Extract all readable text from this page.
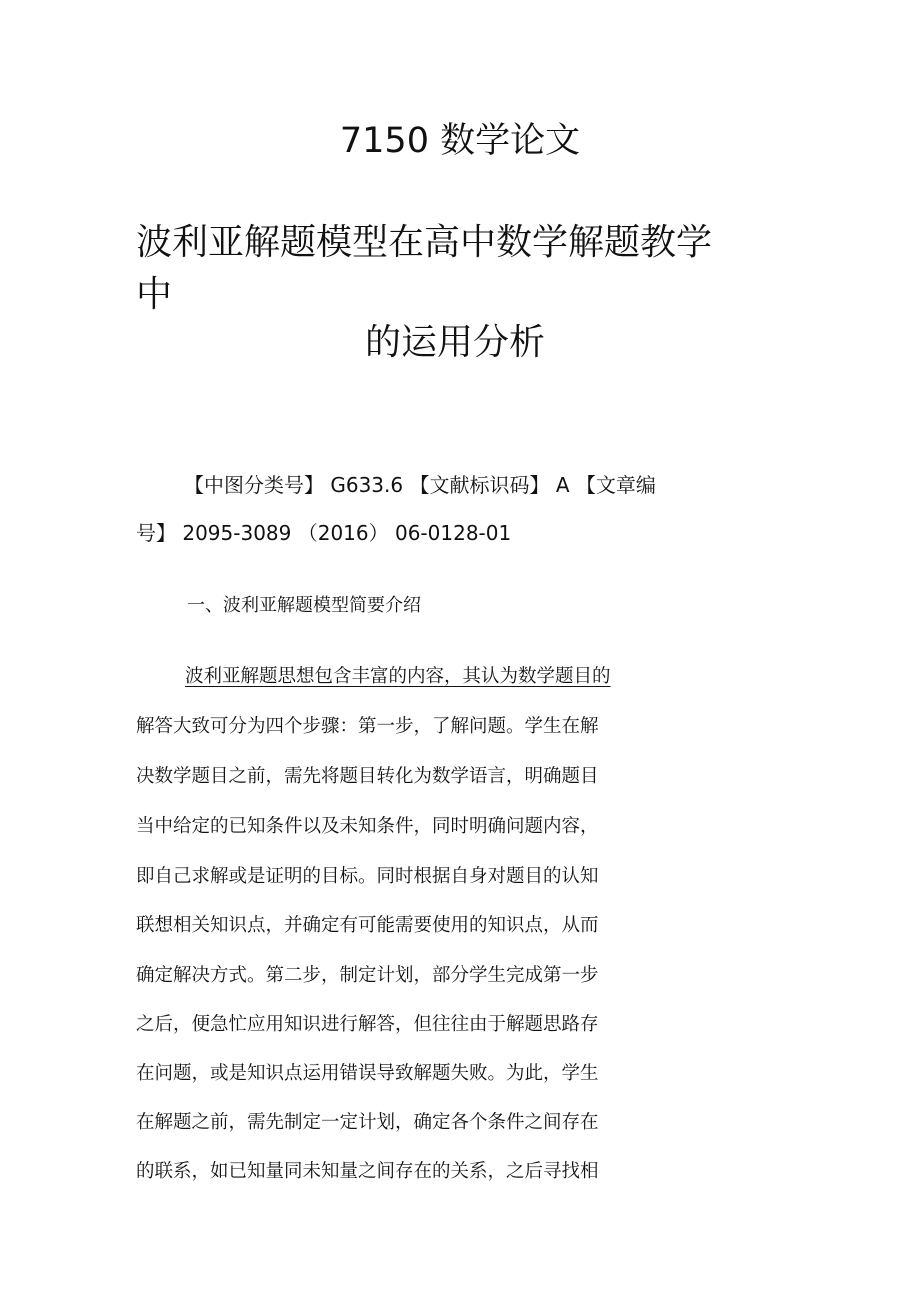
7150 数学论文
波利亚解题模型在高中数学解题教学
中
的运用分析

【中图分类号】 G633.6 【文献标识码】 A 【文章编

号】 2095-3089 （2016） 06-0128-01

一、波利亚解题模型简要介绍

波利亚解题思想包含丰富的内容，其认为数学题目的

解答大致可分为四个步骤：第一步，了解问题。学生在解

决数学题目之前，需先将题目转化为数学语言，明确题目

当中给定的已知条件以及未知条件，同时明确问题内容，

即自己求解或是证明的目标。同时根据自身对题目的认知

联想相关知识点，并确定有可能需要使用的知识点，从而

确定解决方式。第二步，制定计划，部分学生完成第一步

之后，便急忙应用知识进行解答，但往往由于解题思路存

在问题，或是知识点运用错误导致解题失败。为此，学生

在解题之前，需先制定一定计划，确定各个条件之间存在

的联系，如已知量同未知量之间存在的关系，之后寻找相
